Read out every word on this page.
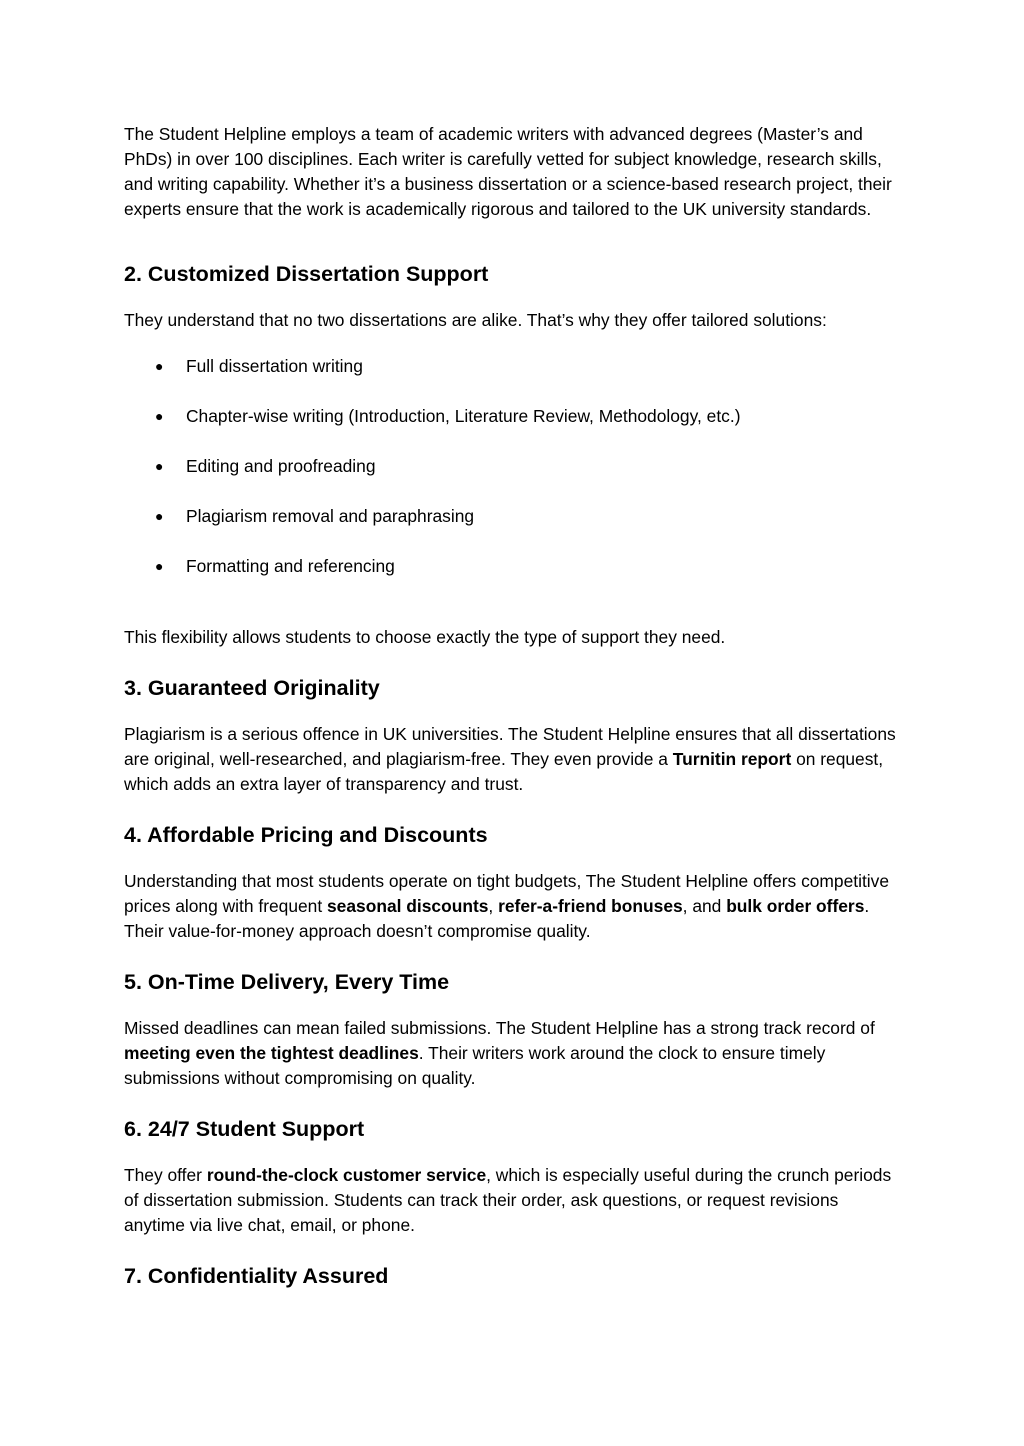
The Student Helpline employs a team of academic writers with advanced degrees (Master’s and PhDs) in over 100 disciplines. Each writer is carefully vetted for subject knowledge, research skills, and writing capability. Whether it’s a business dissertation or a science-based research project, their experts ensure that the work is academically rigorous and tailored to the UK university standards.

2. Customized Dissertation Support

They understand that no two dissertations are alike. That’s why they offer tailored solutions:

● Full dissertation writing
● Chapter-wise writing (Introduction, Literature Review, Methodology, etc.)
● Editing and proofreading
● Plagiarism removal and paraphrasing
● Formatting and referencing

This flexibility allows students to choose exactly the type of support they need.

3. Guaranteed Originality

Plagiarism is a serious offence in UK universities. The Student Helpline ensures that all dissertations are original, well-researched, and plagiarism-free. They even provide a Turnitin report on request, which adds an extra layer of transparency and trust.

4. Affordable Pricing and Discounts

Understanding that most students operate on tight budgets, The Student Helpline offers competitive prices along with frequent seasonal discounts, refer-a-friend bonuses, and bulk order offers. Their value-for-money approach doesn’t compromise quality.

5. On-Time Delivery, Every Time

Missed deadlines can mean failed submissions. The Student Helpline has a strong track record of meeting even the tightest deadlines. Their writers work around the clock to ensure timely submissions without compromising on quality.

6. 24/7 Student Support

They offer round-the-clock customer service, which is especially useful during the crunch periods of dissertation submission. Students can track their order, ask questions, or request revisions anytime via live chat, email, or phone.

7. Confidentiality Assured
